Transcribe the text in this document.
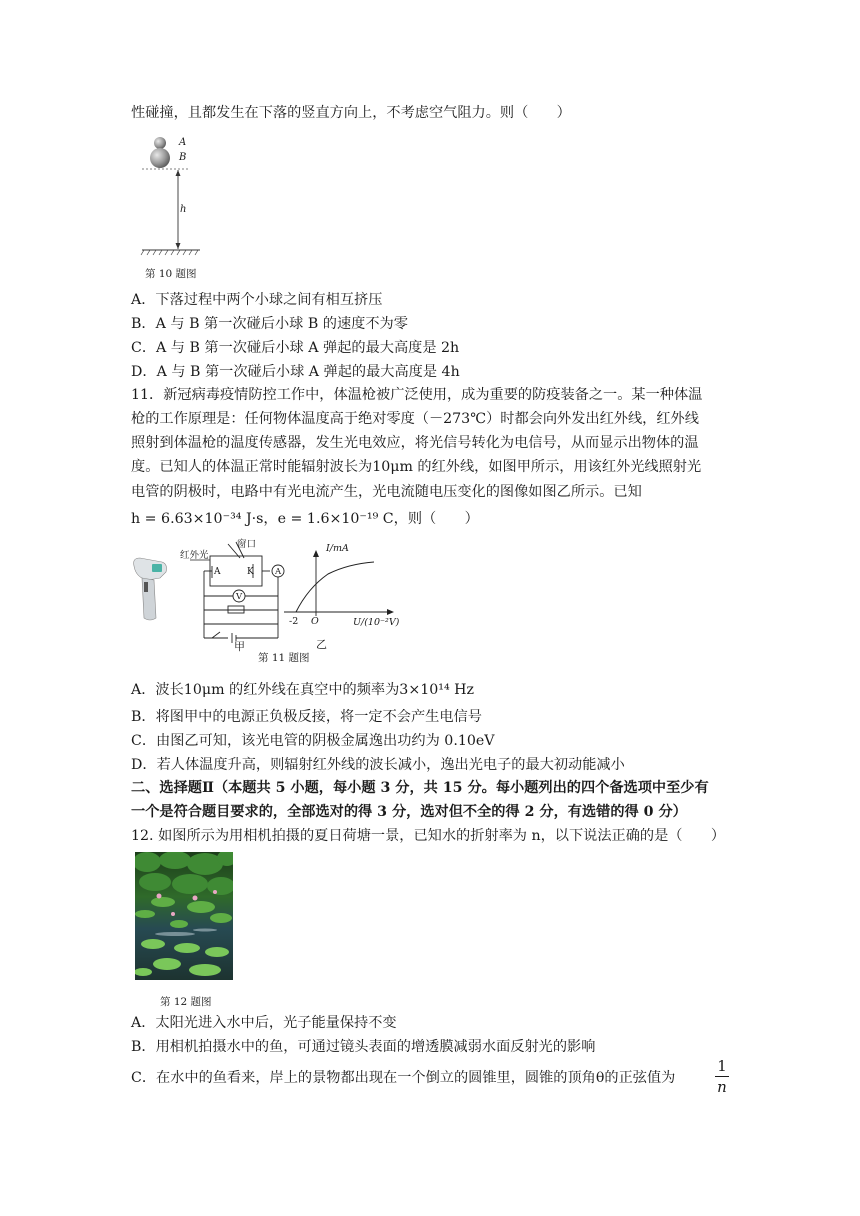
性碰撞，且都发生在下落的竖直方向上，不考虑空气阻力。则（　　）
A
B
h
第 10 题图
A．下落过程中两个小球之间有相互挤压
B．A 与 B 第一次碰后小球 B 的速度不为零
C．A 与 B 第一次碰后小球 A 弹起的最大高度是 2h
D．A 与 B 第一次碰后小球 A 弹起的最大高度是 4h
11．新冠病毒疫情防控工作中，体温枪被广泛使用，成为重要的防疫装备之一。某一种体温
枪的工作原理是：任何物体温度高于绝对零度（－273℃）时都会向外发出红外线，红外线
照射到体温枪的温度传感器，发生光电效应，将光信号转化为电信号，从而显示出物体的温
度。已知人的体温正常时能辐射波长为10μm 的红外线，如图甲所示，用该红外光线照射光
电管的阴极时，电路中有光电流产生，光电流随电压变化的图像如图乙所示。已知
h = 6.63×10⁻³⁴ J·s，e = 1.6×10⁻¹⁹ C，则（　　）
窗口
红外光
A	K
V
A
I/mA
U/(10⁻²V)
-2 O
甲	乙
第 11 题图
A．波长10μm 的红外线在真空中的频率为3×10¹⁴ Hz
B．将图甲中的电源正负极反接，将一定不会产生电信号
C．由图乙可知，该光电管的阴极金属逸出功约为 0.10eV
D．若人体温度升高，则辐射红外线的波长减小，逸出光电子的最大初动能减小
二、选择题Ⅱ（本题共 5 小题，每小题 3 分，共 15 分。每小题列出的四个备选项中至少有
一个是符合题目要求的，全部选对的得 3 分，选对但不全的得 2 分，有选错的得 0 分）
12. 如图所示为用相机拍摄的夏日荷塘一景，已知水的折射率为 n，以下说法正确的是（　　）
第 12 题图
A．太阳光进入水中后，光子能量保持不变
B．用相机拍摄水中的鱼，可通过镜头表面的增透膜减弱水面反射光的影响
C．在水中的鱼看来，岸上的景物都出现在一个倒立的圆锥里，圆锥的顶角θ的正弦值为	$\frac{1}{n}$
